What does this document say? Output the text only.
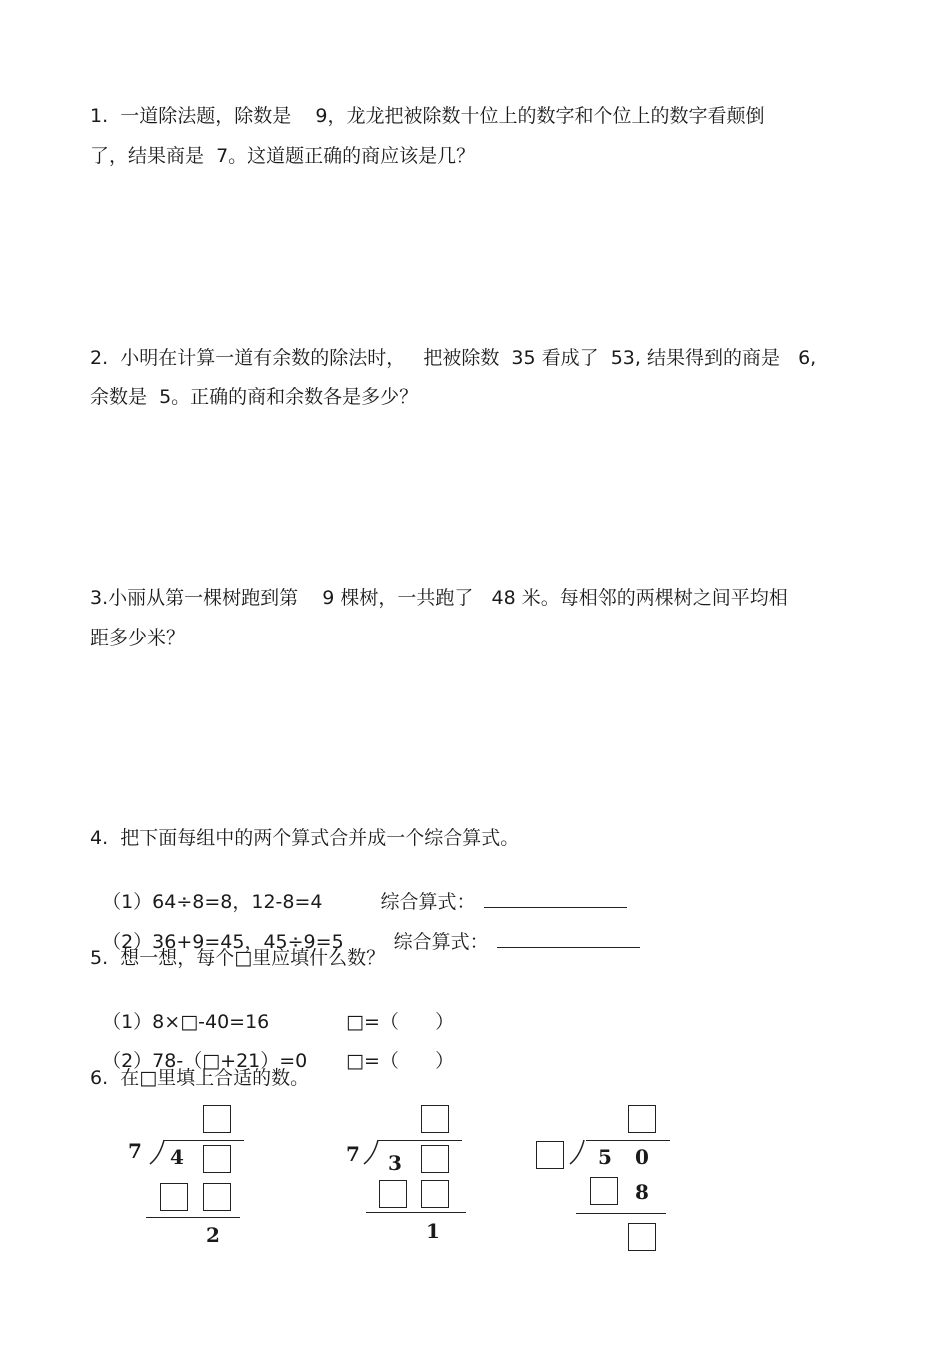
1.  一道除法题，除数是    9，龙龙把被除数十位上的数字和个位上的数字看颠倒
了，结果商是  7。这道题正确的商应该是几？
2.  小明在计算一道有余数的除法时，   把被除数  35 看成了  53, 结果得到的商是   6,
余数是  5。正确的商和余数各是多少？
3.小丽从第一棵树跑到第    9 棵树，一共跑了   48 米。每相邻的两棵树之间平均相
距多少米？
4.  把下面每组中的两个算式合并成一个综合算式。

（1）64÷8=8，12-8=4	综合算式：

（2）36+9=45，45÷9=5	综合算式：

5.  想一想，每个□里应填什么数？

（1）8×□-40=16	□=（      ）

（2）78-（□+21）=0 □=（      ）

6.  在□里填上合适的数。
7 4
2
7 3
1
5 0
8
